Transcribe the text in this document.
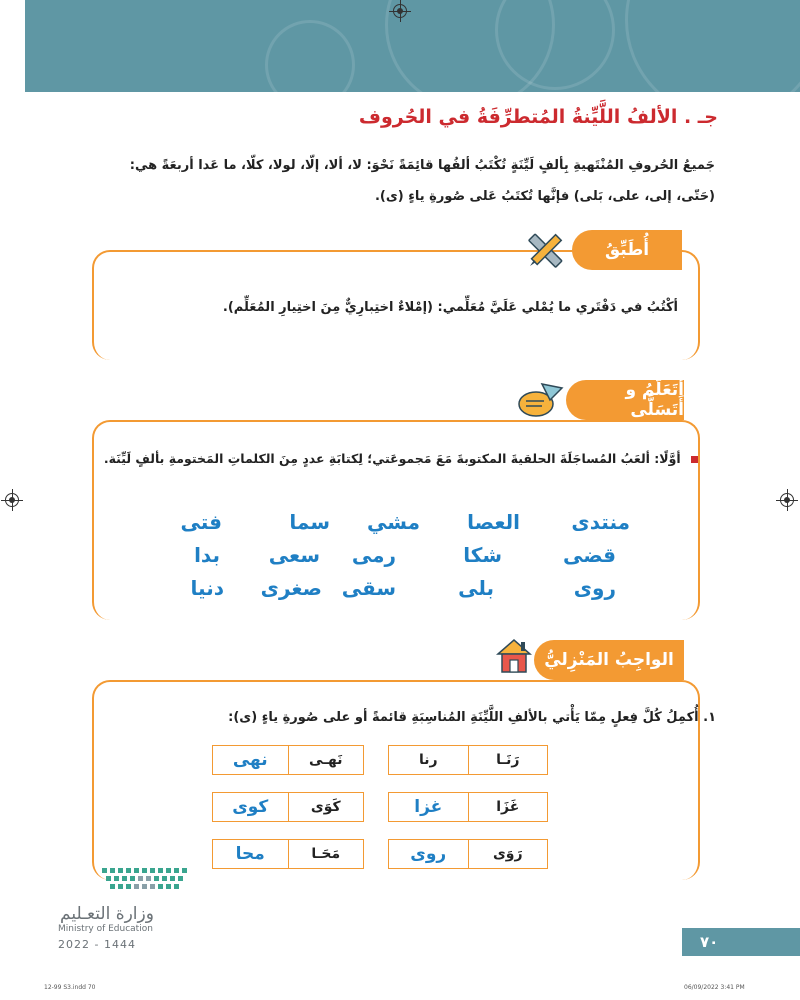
جـ . الألفُ اللَّيِّنةُ المُتطرِّفَةُ في الحُروف
جَميعُ الحُروفِ المُنْتَهيةِ بِألفٍ لَيِّنَةٍ تُكْتَبُ ألفُها قائِمَةً نَحْوَ: لا، ألا، إلّا، لولا، كلّا، ما عَدا أربعَةً هي: (حَتّى، إلى، على، بَلى) فإنَّها تُكتَبُ عَلى صُورةِ ياءٍ (ى).
أُطَبِّقُ
أكْتُبُ في دَفْتَري ما يُمْلي عَلَيَّ مُعَلِّمي: (إمْلاءٌ اختِبارِيٌّ مِنَ اختِيارِ المُعَلِّم).
أَتَعَلَّمُ و أَتَسَلَّى
أوَّلًا: ألعَبُ المُساجَلَةَ الحلقيةَ المكتوبةَ مَعَ مَجموعَتي؛ لِكتابَةِ عددٍ مِنَ الكلماتِ المَختومةِ بألفٍ لَيِّنَة.
منتدى
العصا
مشي
سما
فتى
قضى
شكا
رمى
سعى
بدا
روى
بلى
سقى
صغرى
دنيا
الواجِبُ المَنْزِليُّ
١. أُكمِلُ كُلَّ فِعلٍ مِمّا يَأْتي بالألفِ اللَّيِّنَةِ المُناسِبَةِ قائمةً أو على صُورةِ ياءٍ (ى):
رَنَـا
رنا
غَزَا
غزا
رَوَى
روى
نَهـى
نهى
كَوَى
كوى
مَحَـا
محا
وزارة التعـليم
Ministry of Education
2022 - 1444	٧٠
12-99 S3.indd 70	06/09/2022 3:41 PM
